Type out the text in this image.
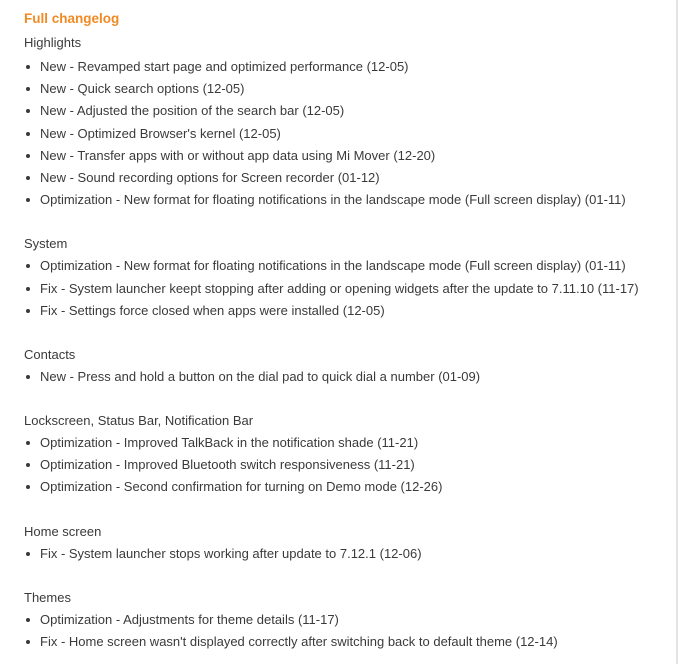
Full changelog
Highlights
New - Revamped start page and optimized performance (12-05)
New - Quick search options (12-05)
New - Adjusted the position of the search bar (12-05)
New - Optimized Browser's kernel (12-05)
New - Transfer apps with or without app data using Mi Mover (12-20)
New - Sound recording options for Screen recorder (01-12)
Optimization - New format for floating notifications in the landscape mode (Full screen display) (01-11)
System
Optimization - New format for floating notifications in the landscape mode (Full screen display) (01-11)
Fix - System launcher keept stopping after adding or opening widgets after the update to 7.11.10 (11-17)
Fix - Settings force closed when apps were installed (12-05)
Contacts
New - Press and hold a button on the dial pad to quick dial a number (01-09)
Lockscreen, Status Bar, Notification Bar
Optimization - Improved TalkBack in the notification shade (11-21)
Optimization - Improved Bluetooth switch responsiveness (11-21)
Optimization - Second confirmation for turning on Demo mode (12-26)
Home screen
Fix - System launcher stops working after update to 7.12.1 (12-06)
Themes
Optimization - Adjustments for theme details (11-17)
Fix - Home screen wasn't displayed correctly after switching back to default theme (12-14)
